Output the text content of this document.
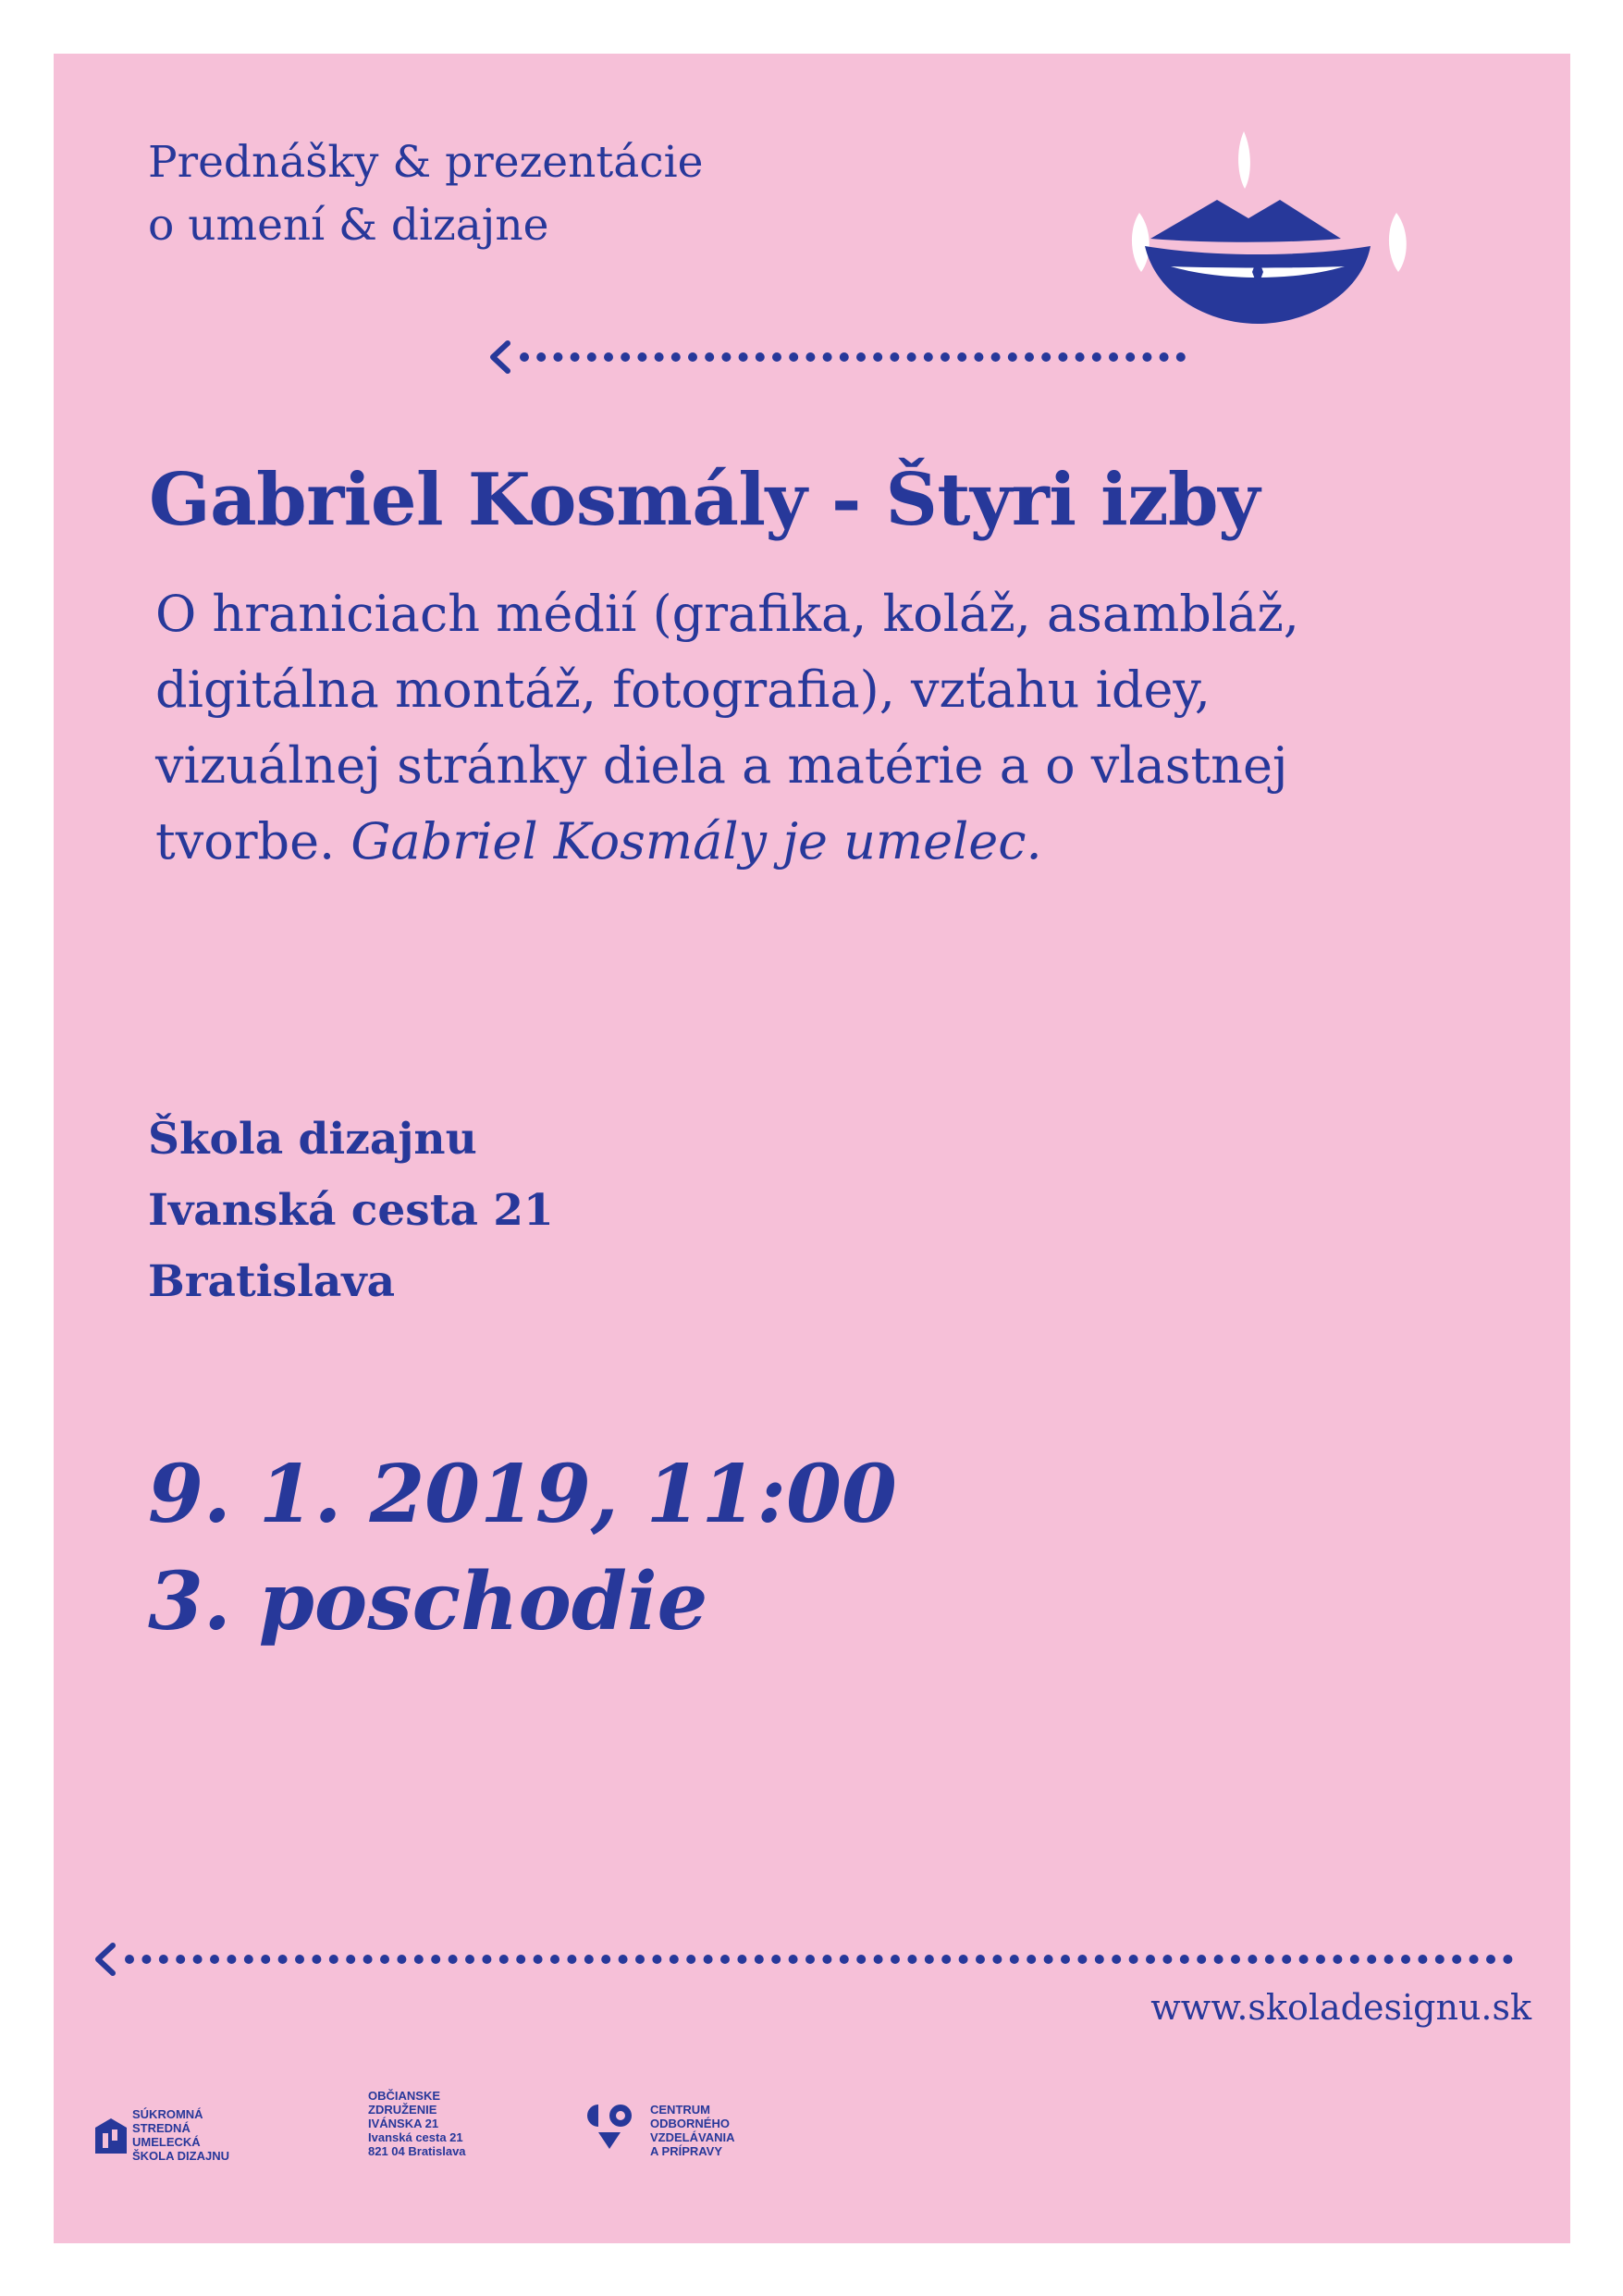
Prednášky & prezentácie
o umení & dizajne
Gabriel Kosmály - Štyri izby
O hraniciach médií (grafika, koláž, asambláž,
digitálna montáž, fotografia), vzťahu idey,
vizuálnej stránky diela a matérie a o vlastnej
tvorbe. Gabriel Kosmály je umelec.
Škola dizajnu
Ivanská cesta 21
Bratislava
9. 1. 2019, 11:00
3. poschodie
www.skoladesignu.sk
SÚKROMNÁ
STREDNÁ
UMELECKÁ
ŠKOLA DIZAJNU
OBČIANSKE
ZDRUŽENIE
IVÁNSKA 21
Ivanská cesta 21
821 04 Bratislava
CENTRUM
ODBORNÉHO
VZDELÁVANIA
A PRÍPRAVY
